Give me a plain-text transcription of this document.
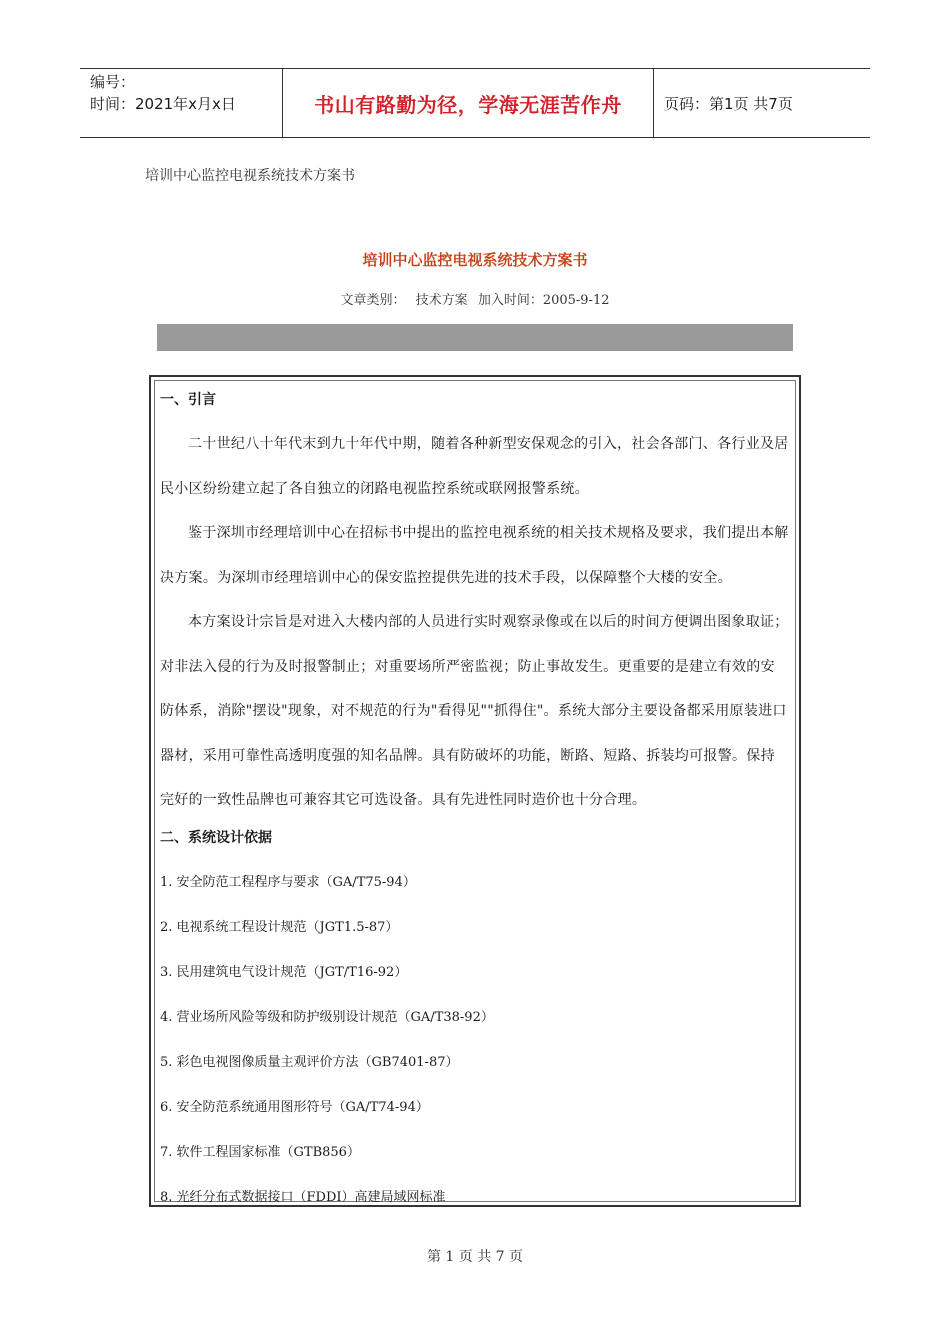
编号：
时间：2021年x月x日	书山有路勤为径，学海无涯苦作舟	页码：第1页 共7页
培训中心监控电视系统技术方案书
培训中心监控电视系统技术方案书
文章类别： 技术方案 加入时间：2005-9-12

一、引言

二十世纪八十年代末到九十年代中期，随着各种新型安保观念的引入，社会各部门、各行业及居民小区纷纷建立起了各自独立的闭路电视监控系统或联网报警系统。

鉴于深圳市经理培训中心在招标书中提出的监控电视系统的相关技术规格及要求，我们提出本解决方案。为深圳市经理培训中心的保安监控提供先进的技术手段，以保障整个大楼的安全。

本方案设计宗旨是对进入大楼内部的人员进行实时观察录像或在以后的时间方便调出图象取证；对非法入侵的行为及时报警制止；对重要场所严密监视；防止事故发生。更重要的是建立有效的安防体系，消除"摆设"现象，对不规范的行为"看得见""抓得住"。系统大部分主要设备都采用原装进口器材，采用可靠性高透明度强的知名品牌。具有防破坏的功能，断路、短路、拆装均可报警。保持完好的一致性品牌也可兼容其它可选设备。具有先进性同时造价也十分合理。

二、系统设计依据

1. 安全防范工程程序与要求（GA/T75-94）
2. 电视系统工程设计规范（JGT1.5-87）
3. 民用建筑电气设计规范（JGT/T16-92）
4. 营业场所风险等级和防护级别设计规范（GA/T38-92）
5. 彩色电视图像质量主观评价方法（GB7401-87）
6. 安全防范系统通用图形符号（GA/T74-94）
7. 软件工程国家标准（GTB856）
8. 光纤分布式数据接口（FDDI）高建局域网标准
第 1 页 共 7 页
